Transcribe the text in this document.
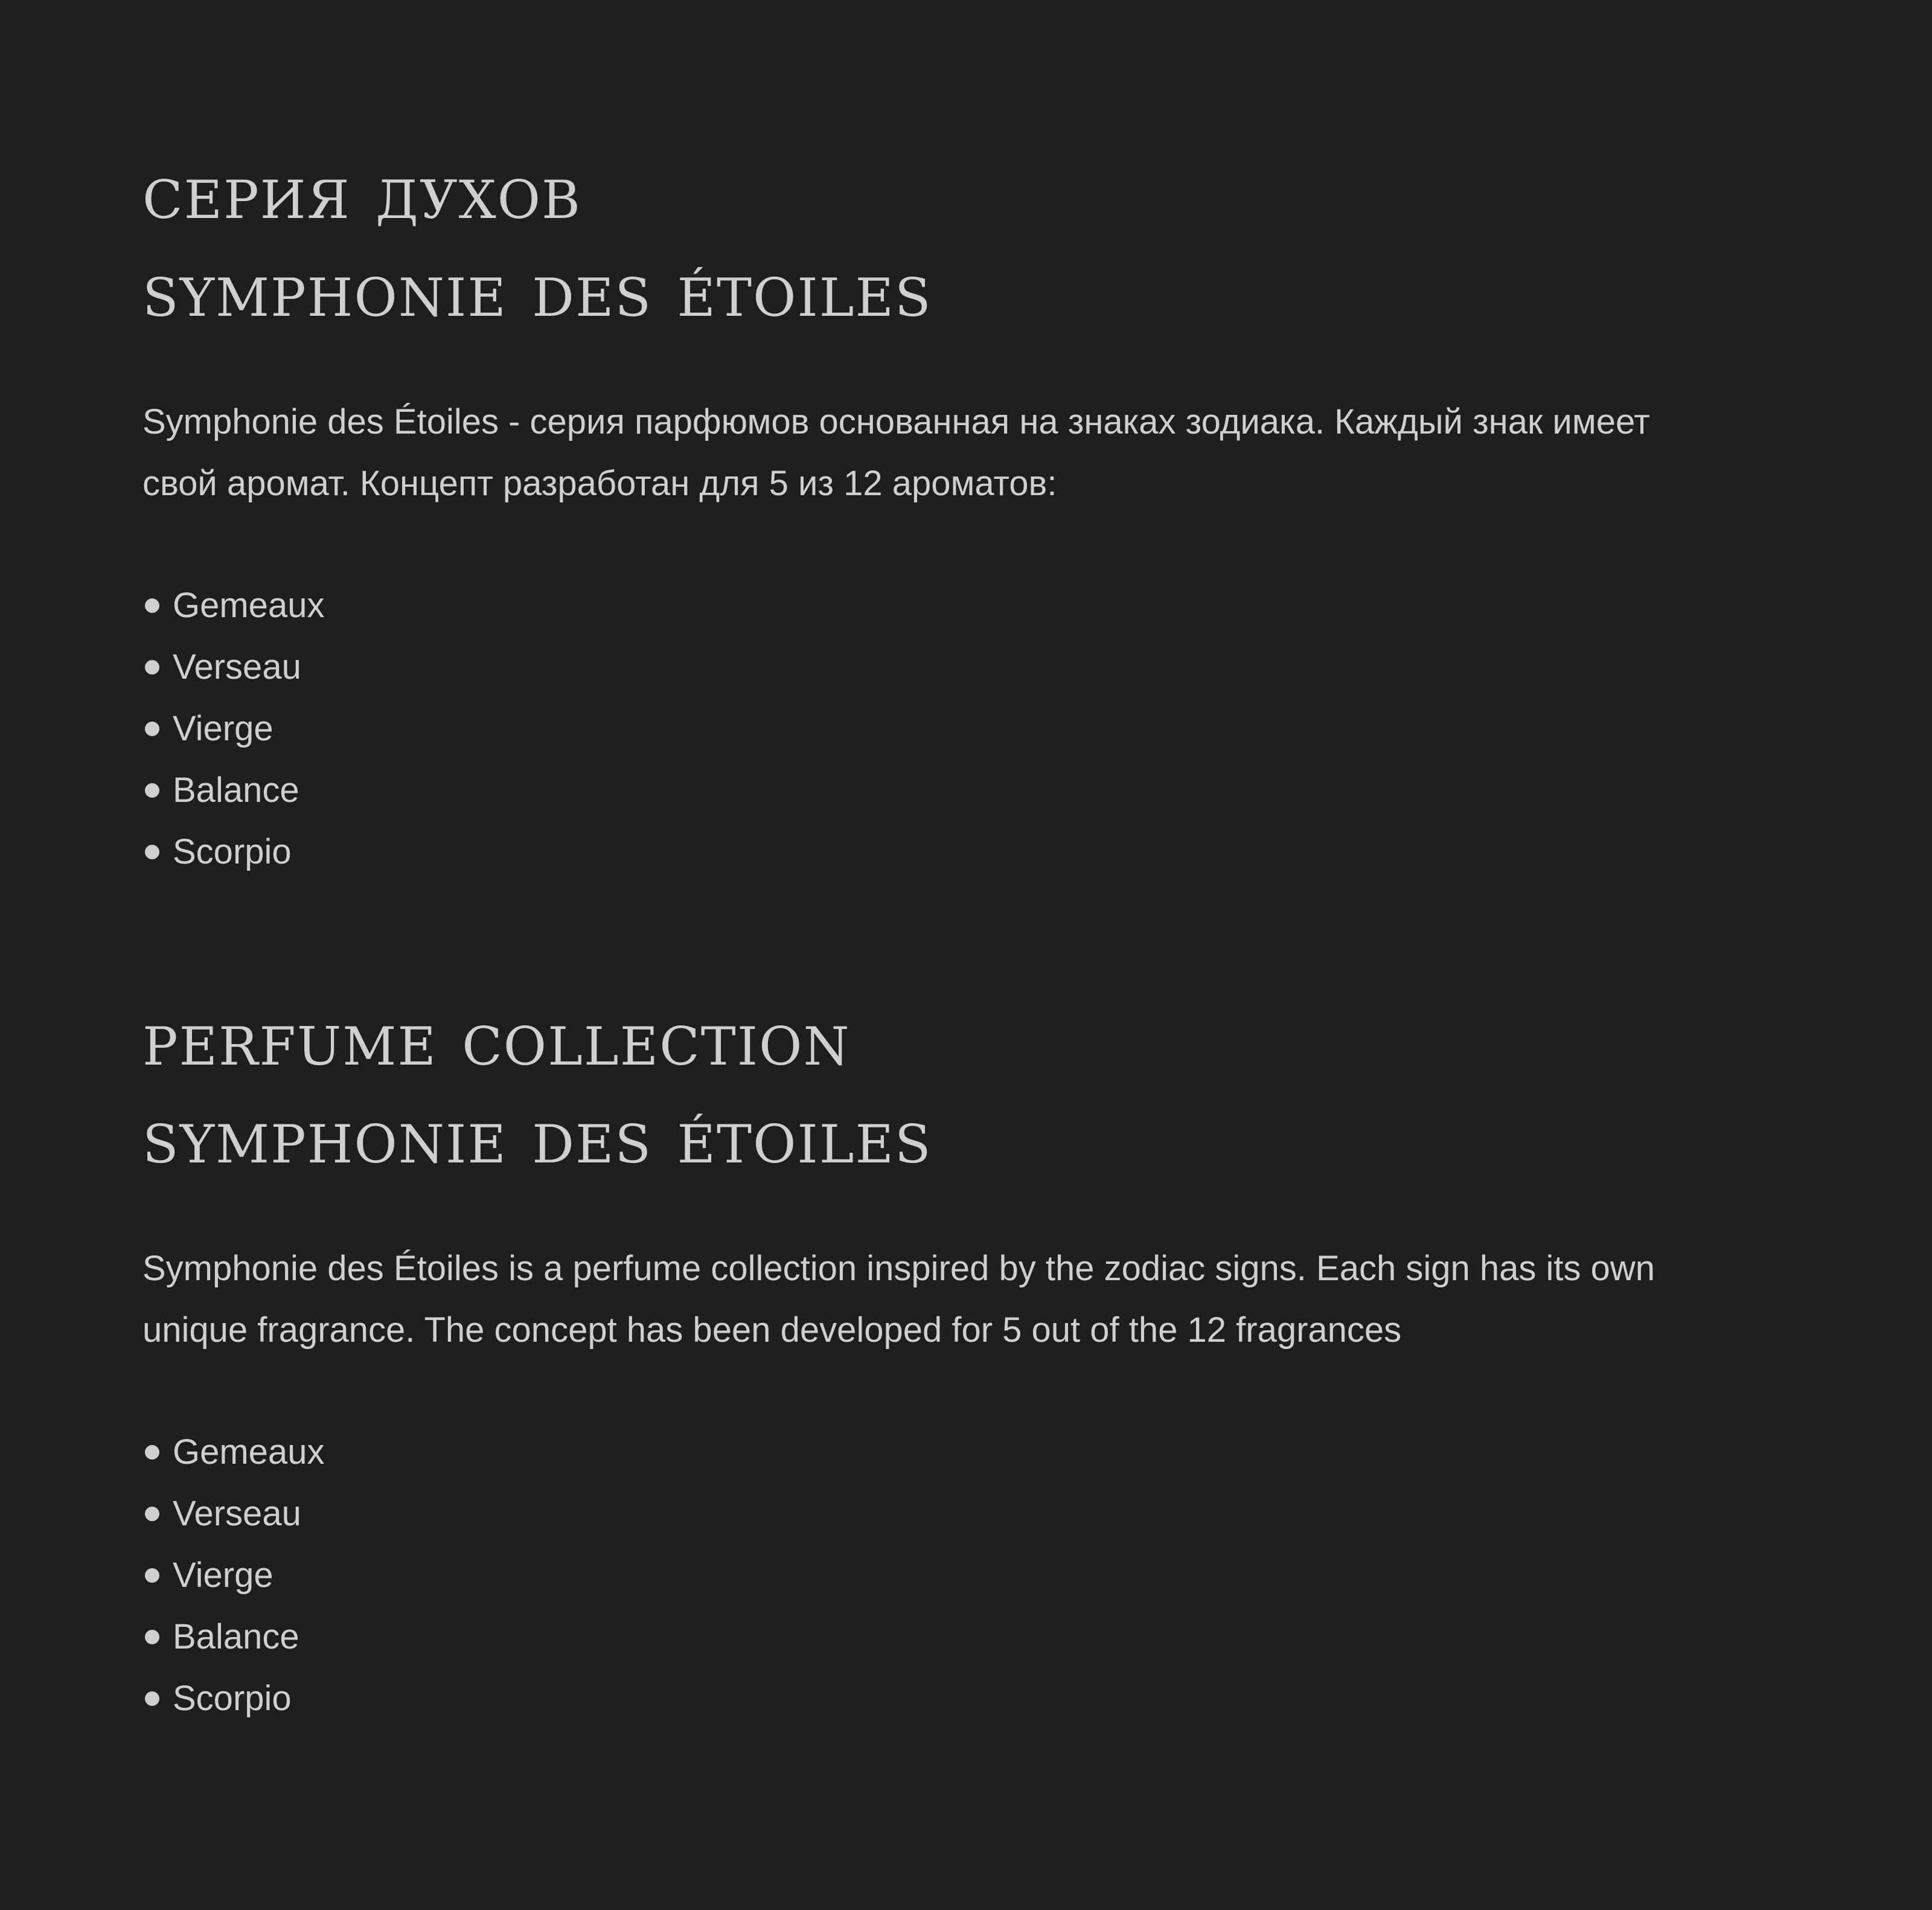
серия духов
symphonie des étoiles

Symphonie des Étoiles - серия парфюмов основанная на знаках зодиака. Каждый знак имеет свой аромат. Концепт разработан для 5 из 12 ароматов:

Gemeaux
Verseau
Vierge
Balance
Scorpio
perfume collection
symphonie des étoiles

Symphonie des Étoiles is a perfume collection inspired by the zodiac signs. Each sign has its own unique fragrance. The concept has been developed for 5 out of the 12 fragrances

Gemeaux
Verseau
Vierge
Balance
Scorpio
